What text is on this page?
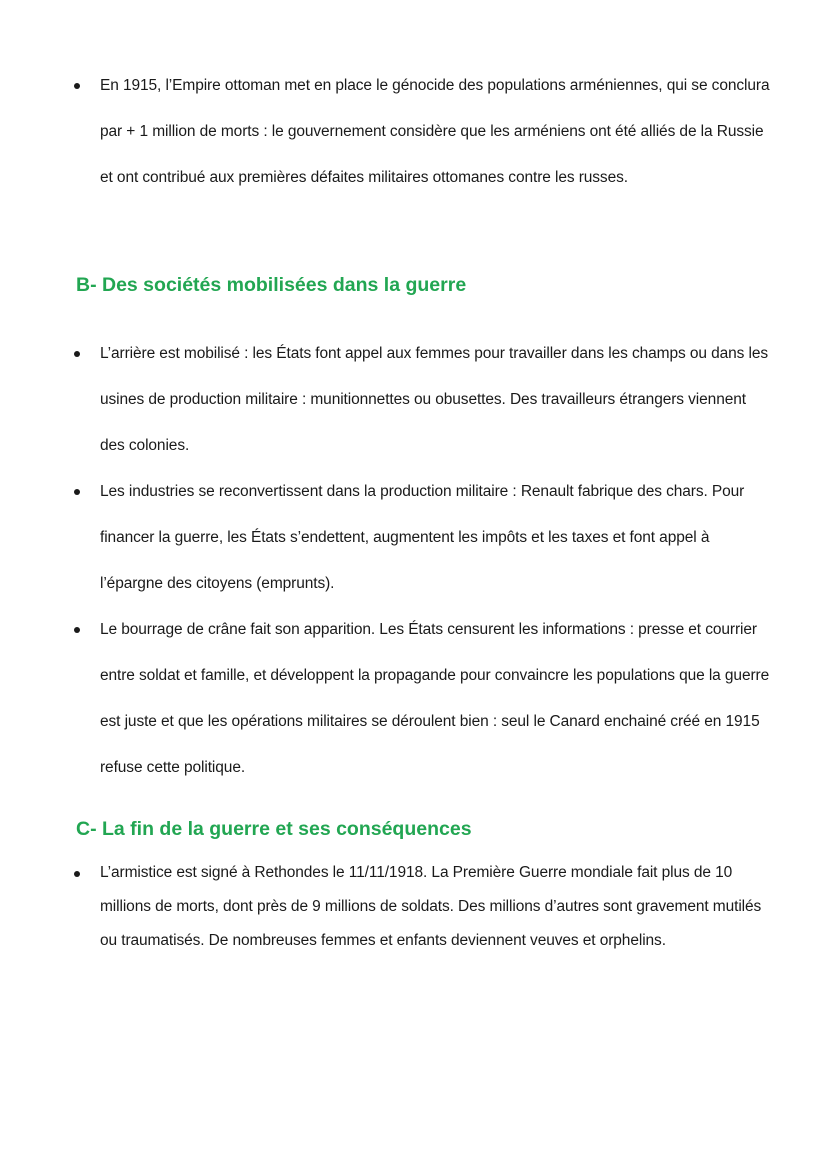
En 1915, l’Empire ottoman met en place le génocide des populations arméniennes, qui se conclura par + 1 million de morts : le gouvernement considère que les arméniens ont été alliés de la Russie et ont contribué aux premières défaites militaires ottomanes contre les russes.
B- Des sociétés mobilisées dans la guerre
L’arrière est mobilisé : les États font appel aux femmes pour travailler dans les champs ou dans les usines de production militaire : munitionnettes ou obusettes. Des travailleurs étrangers viennent des colonies.
Les industries se reconvertissent dans la production militaire : Renault fabrique des chars. Pour financer la guerre, les États s’endettent, augmentent les impôts et les taxes et font appel à l’épargne des citoyens (emprunts).
Le bourrage de crâne fait son apparition. Les États censurent les informations : presse et courrier entre soldat et famille, et développent la propagande pour convaincre les populations que la guerre est juste et que les opérations militaires se déroulent bien : seul le Canard enchainé créé en 1915 refuse cette politique.
C- La fin de la guerre et ses conséquences
L’armistice est signé à Rethondes le 11/11/1918. La Première Guerre mondiale fait plus de 10 millions de morts, dont près de 9 millions de soldats. Des millions d’autres sont gravement mutilés ou traumatisés. De nombreuses femmes et enfants deviennent veuves et orphelins.
